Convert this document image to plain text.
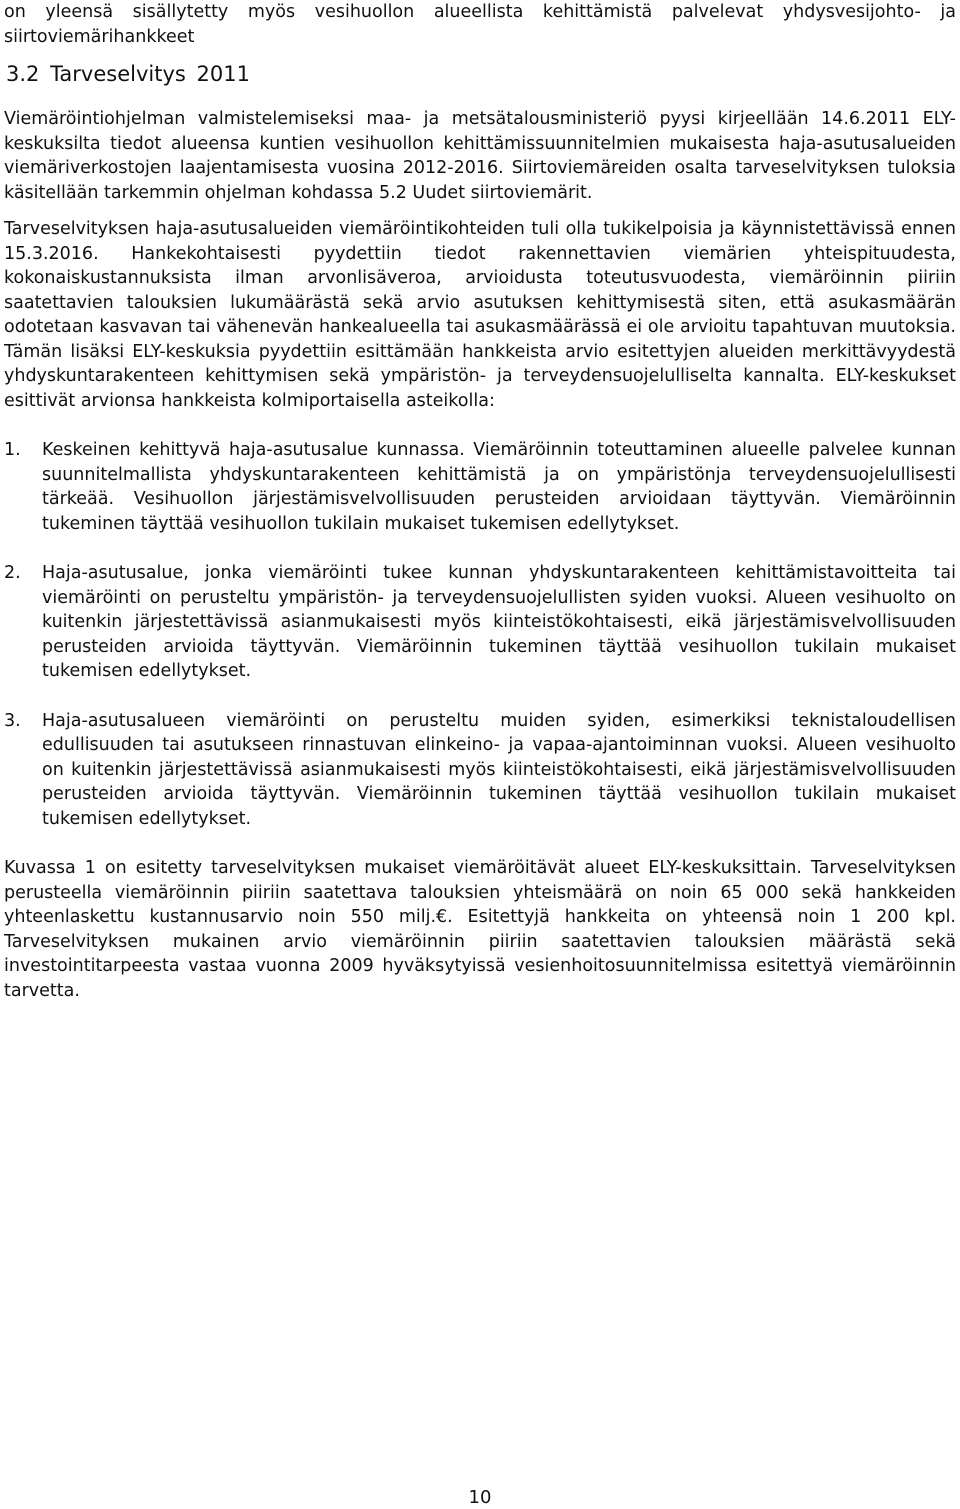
on yleensä sisällytetty myös vesihuollon alueellista kehittämistä palvelevat yhdysvesijohto- ja siirtoviemärihankkeet

3.2 Tarveselvitys 2011

Viemäröintiohjelman valmistelemiseksi maa- ja metsätalousministeriö pyysi kirjeellään 14.6.2011 ELY-keskuksilta tiedot alueensa kuntien vesihuollon kehittämissuunnitelmien mukaisesta haja-asutusalueiden viemäriverkostojen laajentamisesta vuosina 2012-2016. Siirtoviemäreiden osalta tarveselvityksen tuloksia käsitellään tarkemmin ohjelman kohdassa 5.2 Uudet siirtoviemärit.

Tarveselvityksen haja-asutusalueiden viemäröintikohteiden tuli olla tukikelpoisia ja käynnistettävissä ennen 15.3.2016. Hankekohtaisesti pyydettiin tiedot rakennettavien viemärien yhteispituudesta, kokonaiskustannuksista ilman arvonlisäveroa, arvioidusta toteutusvuodesta, viemäröinnin piiriin saatettavien talouksien lukumäärästä sekä arvio asutuksen kehittymisestä siten, että asukasmäärän odotetaan kasvavan tai vähenevän hankealueella tai asukasmäärässä ei ole arvioitu tapahtuvan muutoksia. Tämän lisäksi ELY-keskuksia pyydettiin esittämään hankkeista arvio esitettyjen alueiden merkittävyydestä yhdyskuntarakenteen kehittymisen sekä ympäristön- ja terveydensuojelulliselta kannalta. ELY-keskukset esittivät arvionsa hankkeista kolmiportaisella asteikolla:

1.	Keskeinen kehittyvä haja-asutusalue kunnassa. Viemäröinnin toteuttaminen alueelle palvelee kunnan suunnitelmallista yhdyskuntarakenteen kehittämistä ja on ympäristönja terveydensuojelullisesti tärkeää. Vesihuollon järjestämisvelvollisuuden perusteiden arvioidaan täyttyvän. Viemäröinnin tukeminen täyttää vesihuollon tukilain mukaiset tukemisen edellytykset.
2.	Haja-asutusalue, jonka viemäröinti tukee kunnan yhdyskuntarakenteen kehittämistavoitteita tai viemäröinti on perusteltu ympäristön- ja terveydensuojelullisten syiden vuoksi. Alueen vesihuolto on kuitenkin järjestettävissä asianmukaisesti myös kiinteistökohtaisesti, eikä järjestämisvelvollisuuden perusteiden arvioida täyttyvän. Viemäröinnin tukeminen täyttää vesihuollon tukilain mukaiset tukemisen edellytykset.
3.	Haja-asutusalueen viemäröinti on perusteltu muiden syiden, esimerkiksi teknistaloudellisen edullisuuden tai asutukseen rinnastuvan elinkeino- ja vapaa-ajantoiminnan vuoksi. Alueen vesihuolto on kuitenkin järjestettävissä asianmukaisesti myös kiinteistökohtaisesti, eikä järjestämisvelvollisuuden perusteiden arvioida täyttyvän. Viemäröinnin tukeminen täyttää vesihuollon tukilain mukaiset tukemisen edellytykset.

Kuvassa 1 on esitetty tarveselvityksen mukaiset viemäröitävät alueet ELY-keskuksittain. Tarveselvityksen perusteella viemäröinnin piiriin saatettava talouksien yhteismäärä on noin 65 000 sekä hankkeiden yhteenlaskettu kustannusarvio noin 550 milj.€. Esitettyjä hankkeita on yhteensä noin 1 200 kpl. Tarveselvityksen mukainen arvio viemäröinnin piiriin saatettavien talouksien määrästä sekä investointitarpeesta vastaa vuonna 2009 hyväksytyissä vesienhoitosuunnitelmissa esitettyä viemäröinnin tarvetta.

10
